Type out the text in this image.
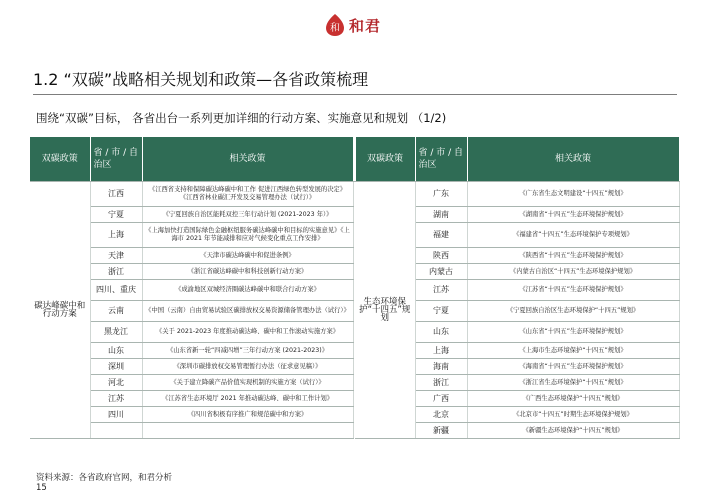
和 和君
1.2 “双碳”战略相关规划和政策—各省政策梳理
围绕“双碳”目标， 各省出台一系列更加详细的行动方案、实施意见和规划 （1/2)
双碳政策	省 / 市 / 自治区	相关政策		双碳政策	省 / 市 / 自治区	相关政策
碳达峰碳中和行动方案	江西	《江西省支持和保障碳达峰碳中和工作 促进江西绿色转型发展的决定》《江西省林业碳汇开发及交易管理办法（试行）》		生态环境保护“十四五”规划	广东	《广东省生态文明建设“十四五”规划》
	宁夏	《宁夏回族自治区能耗双控三年行动计划 (2021-2023 年）》			湖南	《湖南省“十四五”生态环境保护规划》
	上海	《上海加快打造国际绿色金融枢纽服务碳达峰碳中和目标的实施意见》《上海市 2021 年节能减排和应对气候变化重点工作安排》			福建	《福建省“十四五”生态环境保护专项规划》
	天津	《天津市碳达峰碳中和促进条例》			陕西	《陕西省“十四五”生态环境保护规划》
	浙江	《浙江省碳达峰碳中和科技创新行动方案》			内蒙古	《内蒙古自治区“十四五”生态环境保护规划》
	四川、重庆	《成渝地区双城经济圈碳达峰碳中和联合行动方案》			江苏	《江苏省“十四五”生态环境保护规划》
	云南	《中国（云南）自由贸易试验区碳排放权交易资源储备管理办法（试行）》			宁夏	《宁夏回族自治区生态环境保护“十四五”规划》
	黑龙江	《关于 2021-2023 年度推动碳达峰、碳中和工作滚动实施方案》			山东	《山东省“十四五”生态环境保护规划》
	山东	《山东省新一轮“四减四增”三年行动方案 (2021-2023)》			上海	《上海市生态环境保护“十四五”规划》
	深圳	《深圳市碳排放权交易管理暂行办法（征求意见稿）》			海南	《海南省“十四五”生态环境保护规划》
	河北	《关于建立降碳产品价值实现机制的实施方案（试行）》			浙江	《浙江省生态环境保护“十四五”规划》
	江苏	《江苏省生态环境厅 2021 年推动碳达峰、碳中和工作计划》			广西	《广西生态环境保护“十四五”规划》
	四川	《四川省积极有序推广和规范碳中和方案》			北京	《北京市“十四五”时期生态环境保护规划》
					新疆	《新疆生态环境保护“十四五”规划》
资料来源：各省政府官网，和君分析
15
